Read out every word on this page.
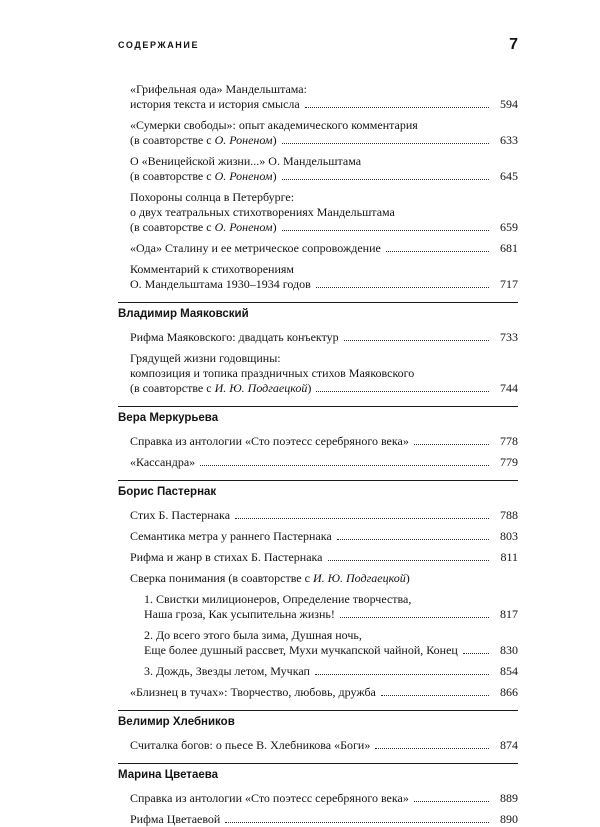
СОДЕРЖАНИЕ	7
«Грифельная ода» Мандельштама:
история текста и история смысла	594
«Сумерки свободы»: опыт академического комментария
(в соавторстве с О. Роненом)	633
О «Веницейской жизни...» О. Мандельштама
(в соавторстве с О. Роненом)	645
Похороны солнца в Петербурге:
о двух театральных стихотворениях Мандельштама
(в соавторстве с О. Роненом)	659
«Ода» Сталину и ее метрическое сопровождение	681
Комментарий к стихотворениям
О. Мандельштама 1930–1934 годов	717
Владимир Маяковский
Рифма Маяковского: двадцать конъектур	733
Грядущей жизни годовщины:
композиция и топика праздничных стихов Маяковского
(в соавторстве с И. Ю. Подгаецкой)	744
Вера Меркурьева
Справка из антологии «Сто поэтесс серебряного века»	778
«Кассандра»	779
Борис Пастернак
Стих Б. Пастернака	788
Семантика метра у раннего Пастернака	803
Рифма и жанр в стихах Б. Пастернака	811
Сверка понимания (в соавторстве с И. Ю. Подгаецкой)
1. Свистки милиционеров, Определение творчества,
Наша гроза, Как усыпительна жизнь!	817
2. До всего этого была зима, Душная ночь,
Еще более душный рассвет, Мухи мучкапской чайной, Конец	830
3. Дождь, Звезды летом, Мучкап	854
«Близнец в тучах»: Творчество, любовь, дружба	866
Велимир Хлебников
Считалка богов: о пьесе В. Хлебникова «Боги»	874
Марина Цветаева
Справка из антологии «Сто поэтесс серебряного века»	889
Рифма Цветаевой	890
